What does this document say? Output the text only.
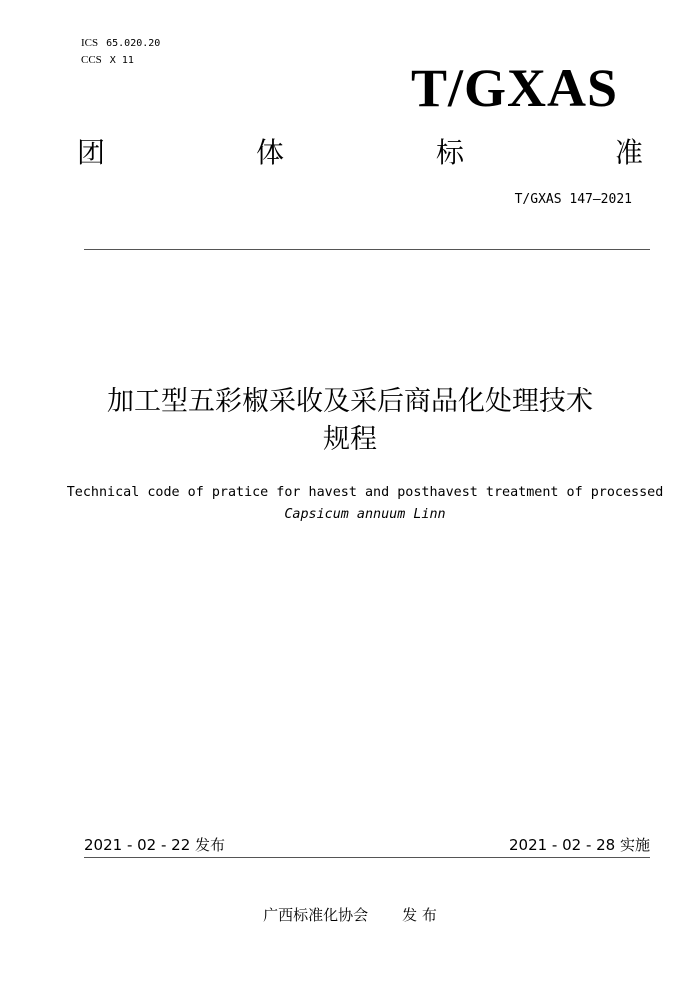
ICS 65.020.20
CCS X 11	T/GXAS
团	体	标	准
T/GXAS 147—2021
加工型五彩椒采收及采后商品化处理技术
规程
Technical code of pratice for havest and posthavest treatment of processed Capsicum annuum Linn
2021 - 02 - 22 发布	2021 - 02 - 28 实施
广西标准化协会 发 布
